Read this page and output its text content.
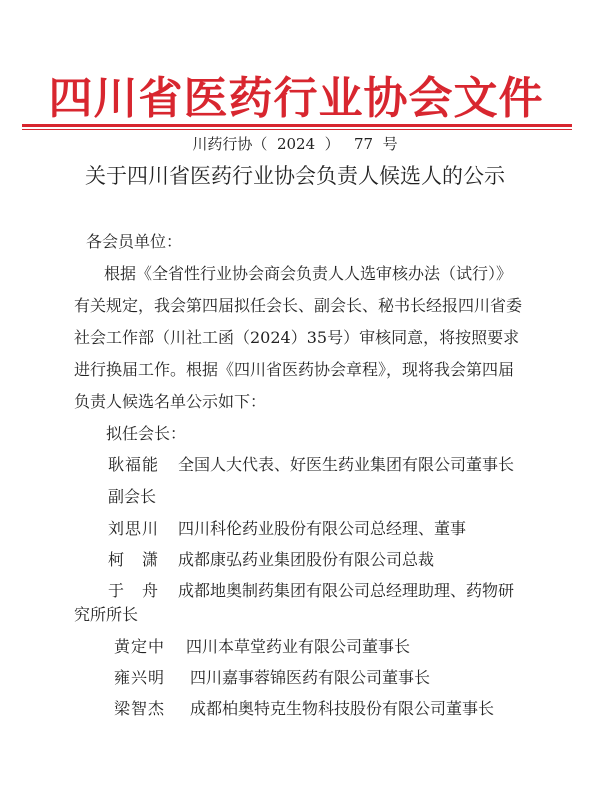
四川省医药行业协会文件
川药行协（  2024  ）   77  号
关于四川省医药行业协会负责人候选人的公示
各会员单位：
根据《全省性行业协会商会负责人人选审核办法（试行）》
有关规定，我会第四届拟任会长、副会长、秘书长经报四川省委
社会工作部（川社工函（2024）35号）审核同意，将按照要求
进行换届工作。根据《四川省医药协会章程》，现将我会第四届
负责人候选名单公示如下：
拟任会长：
耿福能 全国人大代表、好医生药业集团有限公司董事长
副会长
刘思川 四川科伦药业股份有限公司总经理、董事
柯　潇 成都康弘药业集团股份有限公司总裁
于　舟 成都地奥制药集团有限公司总经理助理、药物研
究所所长
黄定中 四川本草堂药业有限公司董事长
雍兴明 四川嘉事蓉锦医药有限公司董事长
梁智杰 成都柏奥特克生物科技股份有限公司董事长
